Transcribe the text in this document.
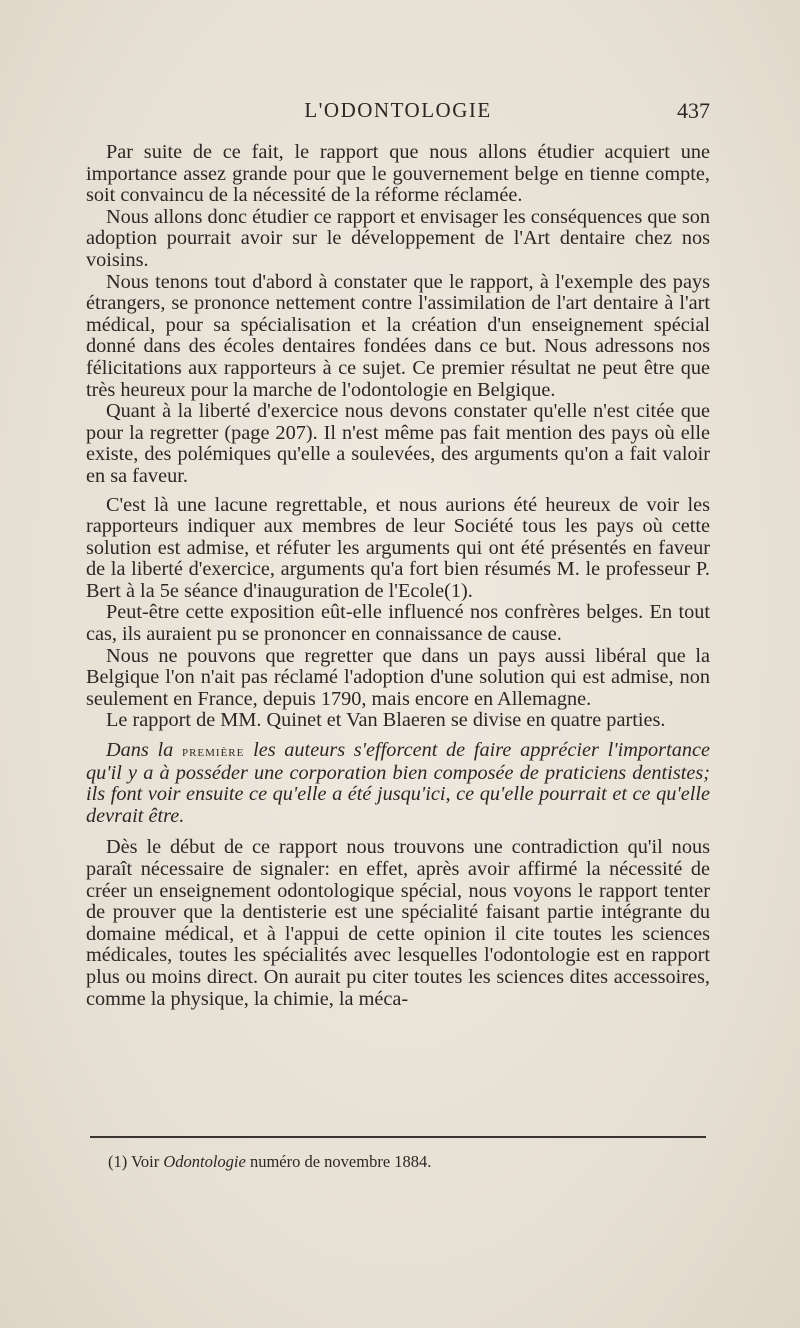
L'ODONTOLOGIE	437

Par suite de ce fait, le rapport que nous allons étudier acquiert une importance assez grande pour que le gouvernement belge en tienne compte, soit convaincu de la nécessité de la réforme réclamée.

Nous allons donc étudier ce rapport et envisager les conséquences que son adoption pourrait avoir sur le développement de l'Art dentaire chez nos voisins.

Nous tenons tout d'abord à constater que le rapport, à l'exemple des pays étrangers, se prononce nettement contre l'assimilation de l'art dentaire à l'art médical, pour sa spécialisation et la création d'un enseignement spécial donné dans des écoles dentaires fondées dans ce but. Nous adressons nos félicitations aux rapporteurs à ce sujet. Ce premier résultat ne peut être que très heureux pour la marche de l'odontologie en Belgique.

Quant à la liberté d'exercice nous devons constater qu'elle n'est citée que pour la regretter (page 207). Il n'est même pas fait mention des pays où elle existe, des polémiques qu'elle a soulevées, des arguments qu'on a fait valoir en sa faveur.

C'est là une lacune regrettable, et nous aurions été heureux de voir les rapporteurs indiquer aux membres de leur Société tous les pays où cette solution est admise, et réfuter les arguments qui ont été présentés en faveur de la liberté d'exercice, arguments qu'a fort bien résumés M. le professeur P. Bert à la 5e séance d'inauguration de l'Ecole(1).

Peut-être cette exposition eût-elle influencé nos confrères belges. En tout cas, ils auraient pu se prononcer en connaissance de cause.

Nous ne pouvons que regretter que dans un pays aussi libéral que la Belgique l'on n'ait pas réclamé l'adoption d'une solution qui est admise, non seulement en France, depuis 1790, mais encore en Allemagne.

Le rapport de MM. Quinet et Van Blaeren se divise en quatre parties.

Dans la première les auteurs s'efforcent de faire apprécier l'importance qu'il y a à posséder une corporation bien composée de praticiens dentistes; ils font voir ensuite ce qu'elle a été jusqu'ici, ce qu'elle pourrait et ce qu'elle devrait être.

Dès le début de ce rapport nous trouvons une contradiction qu'il nous paraît nécessaire de signaler: en effet, après avoir affirmé la nécessité de créer un enseignement odontologique spécial, nous voyons le rapport tenter de prouver que la dentisterie est une spécialité faisant partie intégrante du domaine médical, et à l'appui de cette opinion il cite toutes les sciences médicales, toutes les spécialités avec lesquelles l'odontologie est en rapport plus ou moins direct. On aurait pu citer toutes les sciences dites accessoires, comme la physique, la chimie, la méca-

(1) Voir Odontologie numéro de novembre 1884.
